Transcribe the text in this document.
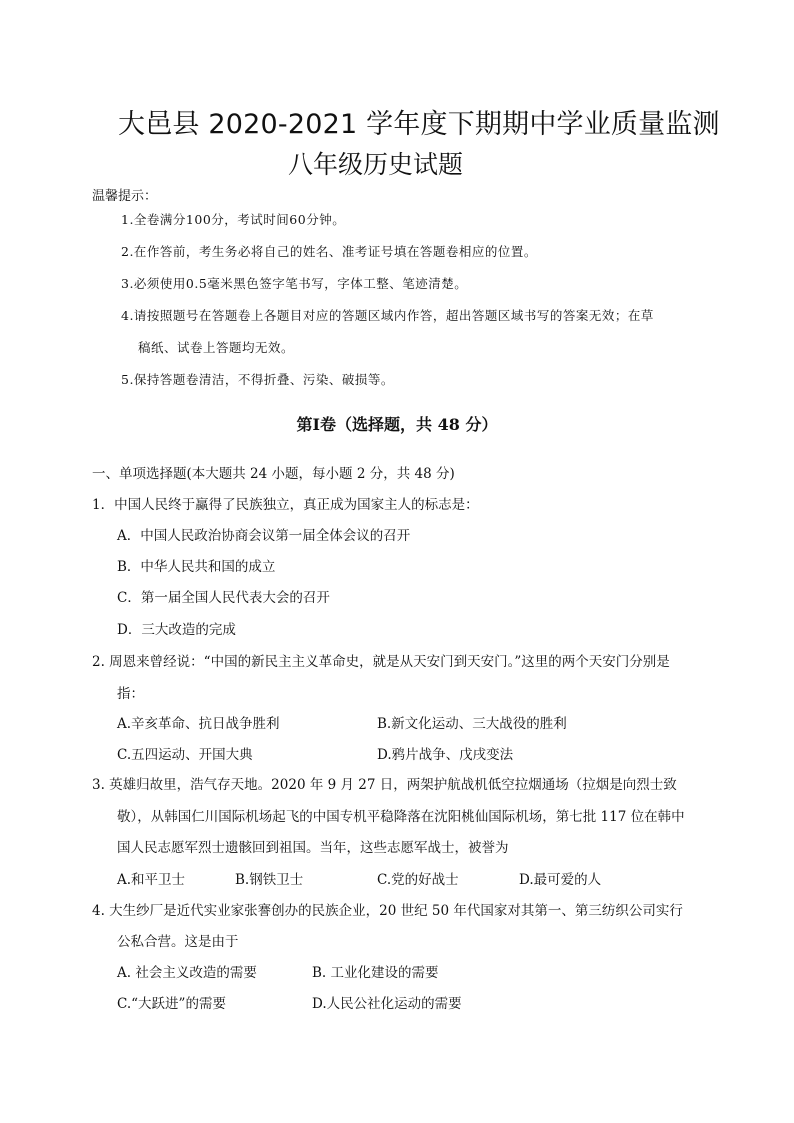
大邑县 2020-2021 学年度下期期中学业质量监测
八年级历史试题
温馨提示：
1.全卷满分100分，考试时间60分钟。
2.在作答前，考生务必将自己的姓名、准考证号填在答题卷相应的位置。
3.必须使用0.5毫米黑色签字笔书写，字体工整、笔迹清楚。
4.请按照题号在答题卷上各题目对应的答题区域内作答，超出答题区域书写的答案无效；在草
稿纸、试卷上答题均无效。
5.保持答题卷清洁，不得折叠、污染、破损等。
第Ⅰ卷（选择题，共 48 分）
一、单项选择题(本大题共 24 小题，每小题 2 分，共 48 分)
1．中国人民终于赢得了民族独立，真正成为国家主人的标志是：
A．中国人民政治协商会议第一届全体会议的召开
B．中华人民共和国的成立
C．第一届全国人民代表大会的召开
D．三大改造的完成
2. 周恩来曾经说：“中国的新民主主义革命史，就是从天安门到天安门。”这里的两个天安门分别是
指：
A.辛亥革命、抗日战争胜利	B.新文化运动、三大战役的胜利
C.五四运动、开国大典	D.鸦片战争、戊戌变法
3. 英雄归故里，浩气存天地。2020 年 9 月 27 日，两架护航战机低空拉烟通场（拉烟是向烈士致
敬），从韩国仁川国际机场起飞的中国专机平稳降落在沈阳桃仙国际机场，第七批 117 位在韩中
国人民志愿军烈士遗骸回到祖国。当年，这些志愿军战士，被誉为
A.和平卫士	B.钢铁卫士	C.党的好战士	D.最可爱的人
4. 大生纱厂是近代实业家张謇创办的民族企业，20 世纪 50 年代国家对其第一、第三纺织公司实行
公私合营。这是由于
A. 社会主义改造的需要	B. 工业化建设的需要
C.“大跃进”的需要	D.人民公社化运动的需要
